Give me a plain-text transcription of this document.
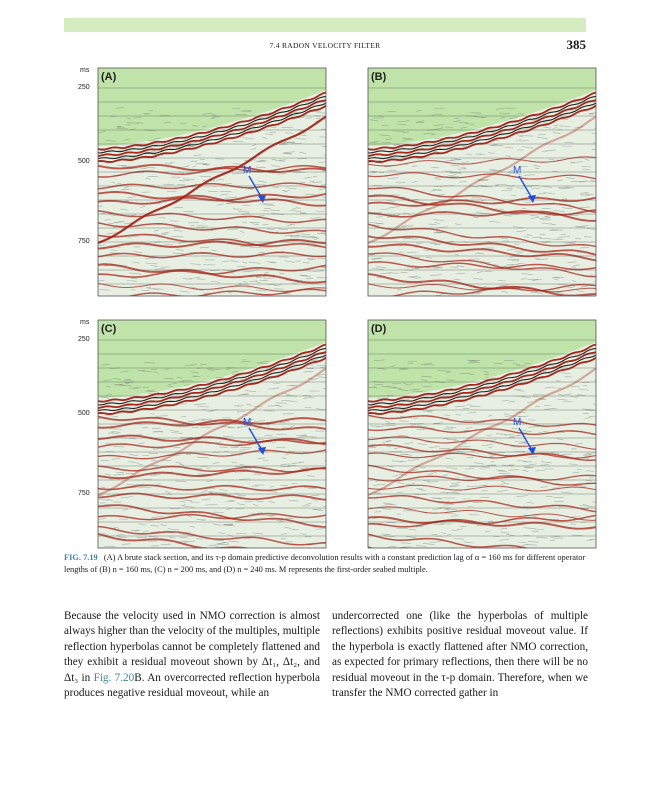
7.4 RADON VELOCITY FILTER	385
(A)
M
ms
250
500
750
(B)
M
(C)
M
ms
250
500
750
(D)
M
FIG. 7.19 (A) A brute stack section, and its τ-p domain predictive deconvolution results with a constant prediction lag of α = 160 ms for different operator lengths of (B) n = 160 ms, (C) n = 200 ms, and (D) n = 240 ms. M represents the first-order seabed multiple.
Because the velocity used in NMO correction is almost always higher than the velocity of the multiples, multiple reflection hyperbolas cannot be completely flattened and they exhibit a residual moveout shown by Δt₁, Δt₂, and Δt₃ in Fig. 7.20B. An overcorrected reflection hyperbola produces negative residual moveout, while an
undercorrected one (like the hyperbolas of multiple reflections) exhibits positive residual moveout value. If the hyperbola is exactly flattened after NMO correction, as expected for primary reflections, then there will be no residual moveout in the τ-p domain. Therefore, when we transfer the NMO corrected gather in
